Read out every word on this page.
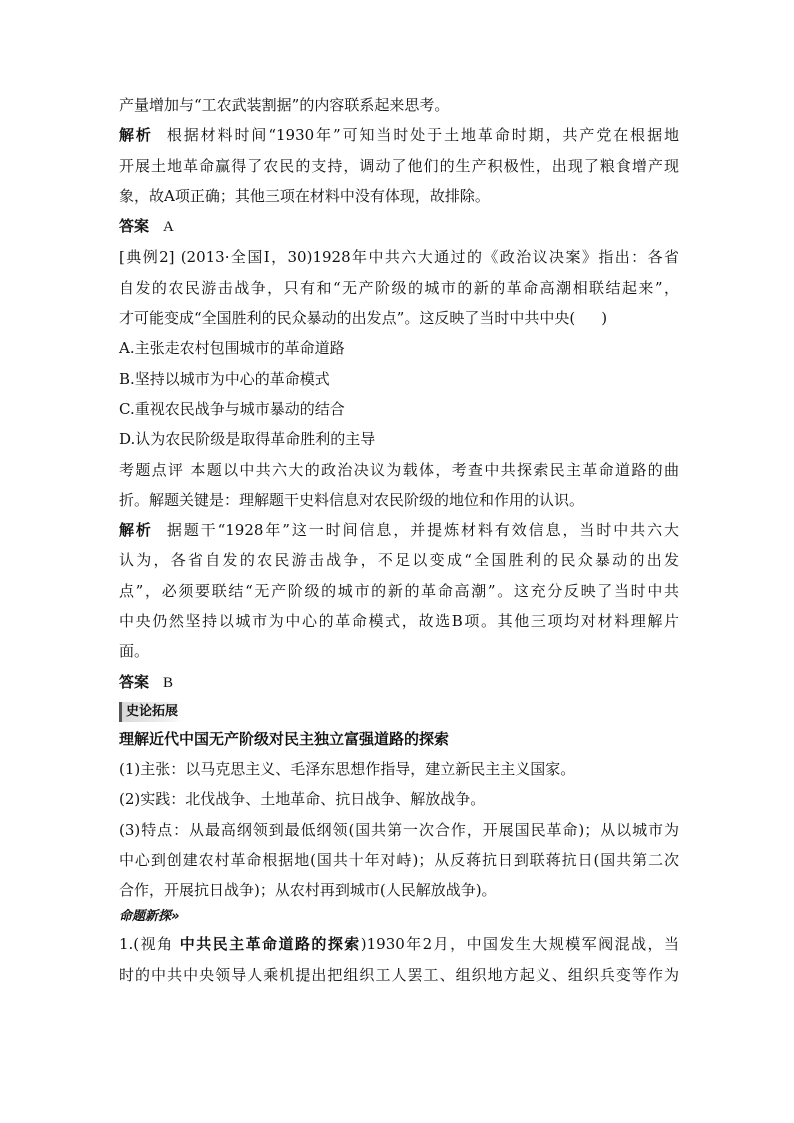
产量增加与“工农武装割据”的内容联系起来思考。
解析 根据材料时间“1930年”可知当时处于土地革命时期，共产党在根据地
开展土地革命赢得了农民的支持，调动了他们的生产积极性，出现了粮食增产现
象，故A项正确；其他三项在材料中没有体现，故排除。
答案 A
[典例2] (2013·全国Ⅰ，30)1928年中共六大通过的《政治议决案》指出：各省
自发的农民游击战争，只有和“无产阶级的城市的新的革命高潮相联结起来”，
才可能变成“全国胜利的民众暴动的出发点”。这反映了当时中共中央( )
A.主张走农村包围城市的革命道路
B.坚持以城市为中心的革命模式
C.重视农民战争与城市暴动的结合
D.认为农民阶级是取得革命胜利的主导
考题点评 本题以中共六大的政治决议为载体，考查中共探索民主革命道路的曲
折。解题关键是：理解题干史料信息对农民阶级的地位和作用的认识。
解析 据题干“1928年”这一时间信息，并提炼材料有效信息，当时中共六大
认为，各省自发的农民游击战争，不足以变成“全国胜利的民众暴动的出发
点”，必须要联结“无产阶级的城市的新的革命高潮”。这充分反映了当时中共
中央仍然坚持以城市为中心的革命模式，故选B项。其他三项均对材料理解片
面。
答案 B
史论拓展
理解近代中国无产阶级对民主独立富强道路的探索
(1)主张：以马克思主义、毛泽东思想作指导，建立新民主主义国家。
(2)实践：北伐战争、土地革命、抗日战争、解放战争。
(3)特点：从最高纲领到最低纲领(国共第一次合作，开展国民革命)；从以城市为
中心到创建农村革命根据地(国共十年对峙)；从反蒋抗日到联蒋抗日(国共第二次
合作，开展抗日战争)；从农村再到城市(人民解放战争)。
命题新探»
1.(视角 中共民主革命道路的探索)1930年2月，中国发生大规模军阀混战，当
时的中共中央领导人乘机提出把组织工人罢工、组织地方起义、组织兵变等作为
